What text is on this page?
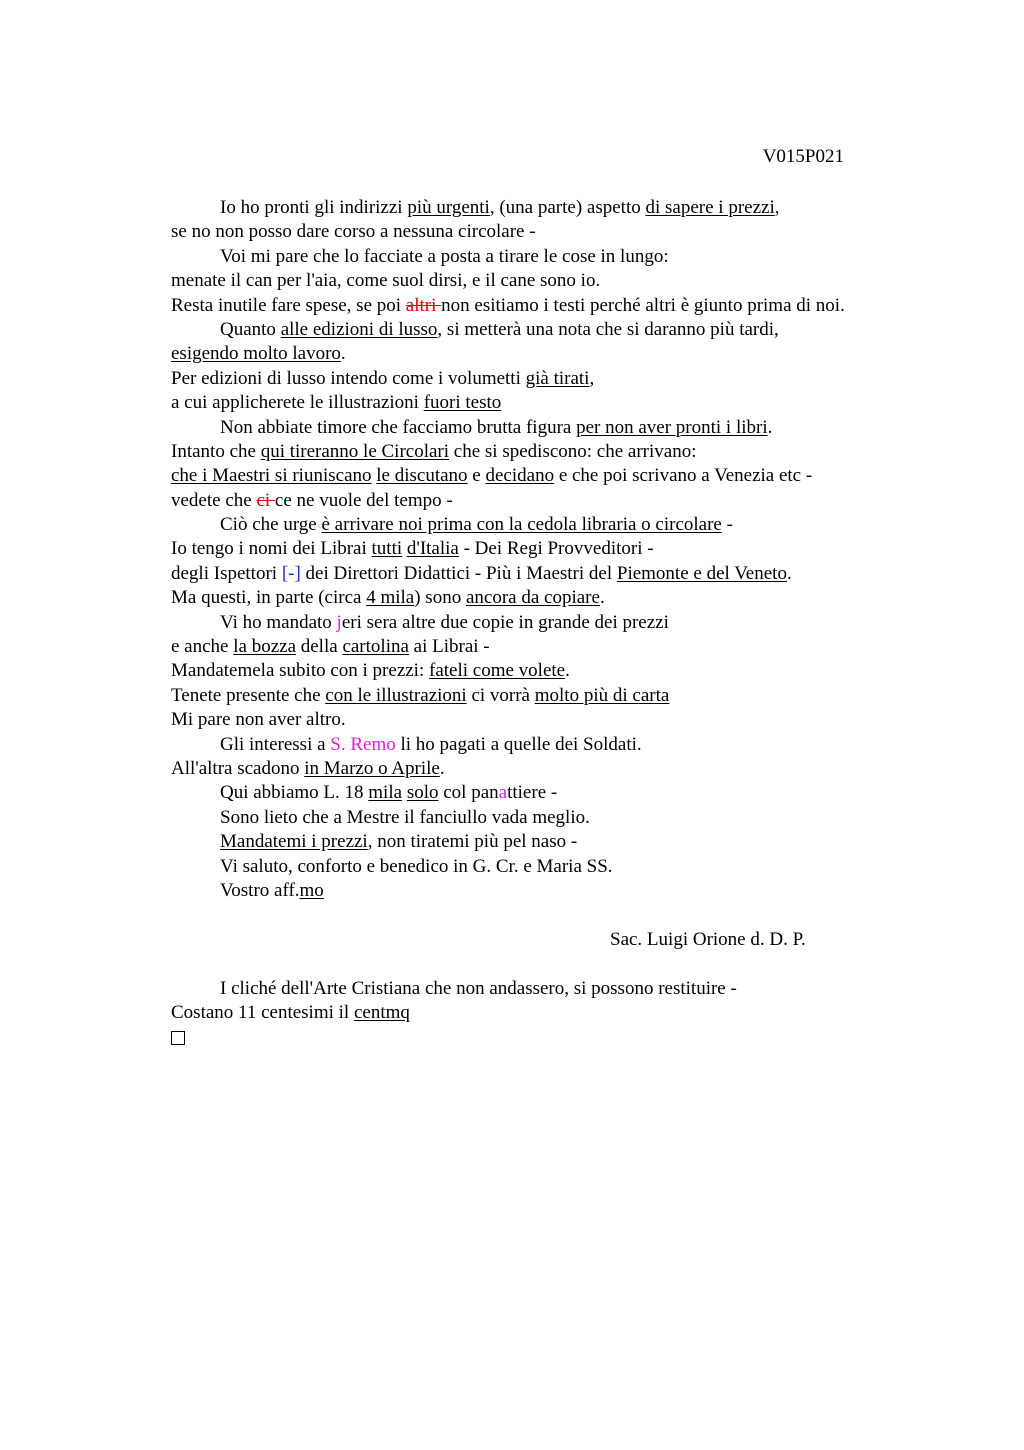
V015P021
Io ho pronti gli indirizzi più urgenti, (una parte) aspetto di sapere i prezzi,
se no non posso dare corso a nessuna circolare -
Voi mi pare che lo facciate a posta a tirare le cose in lungo:
menate il can per l'aia, come suol dirsi, e il cane sono io.
Resta inutile fare spese, se poi altri non esitiamo i testi perché altri è giunto prima di noi.
Quanto alle edizioni di lusso, si metterà una nota che si daranno più tardi,
esigendo molto lavoro.
Per edizioni di lusso intendo come i volumetti già tirati,
a cui applicherete le illustrazioni fuori testo
Non abbiate timore che facciamo brutta figura per non aver pronti i libri.
Intanto che qui tireranno le Circolari che si spediscono: che arrivano:
che i Maestri si riuniscano le discutano e decidano e che poi scrivano a Venezia etc -
vedete che ci ce ne vuole del tempo -
Ciò che urge è arrivare noi prima con la cedola libraria o circolare -
Io tengo i nomi dei Librai tutti d'Italia - Dei Regi Provveditori -
degli Ispettori [-] dei Direttori Didattici - Più i Maestri del Piemonte e del Veneto.
Ma questi, in parte (circa 4 mila) sono ancora da copiare.
Vi ho mandato jeri sera altre due copie in grande dei prezzi
e anche la bozza della cartolina ai Librai -
Mandatemela subito con i prezzi: fateli come volete.
Tenete presente che con le illustrazioni ci vorrà molto più di carta
Mi pare non aver altro.
Gli interessi a S. Remo li ho pagati a quelle dei Soldati.
All'altra scadono in Marzo o Aprile.
Qui abbiamo L. 18 mila solo col panattiere -
Sono lieto che a Mestre il fanciullo vada meglio.
Mandatemi i prezzi, non tiratemi più pel naso -
Vi saluto, conforto e benedico in G. Cr. e Maria SS.
Vostro aff.mo
Sac. Luigi Orione d. D. P.
I cliché dell'Arte Cristiana che non andassero, si possono restituire -
Costano 11 centesimi il centmq
